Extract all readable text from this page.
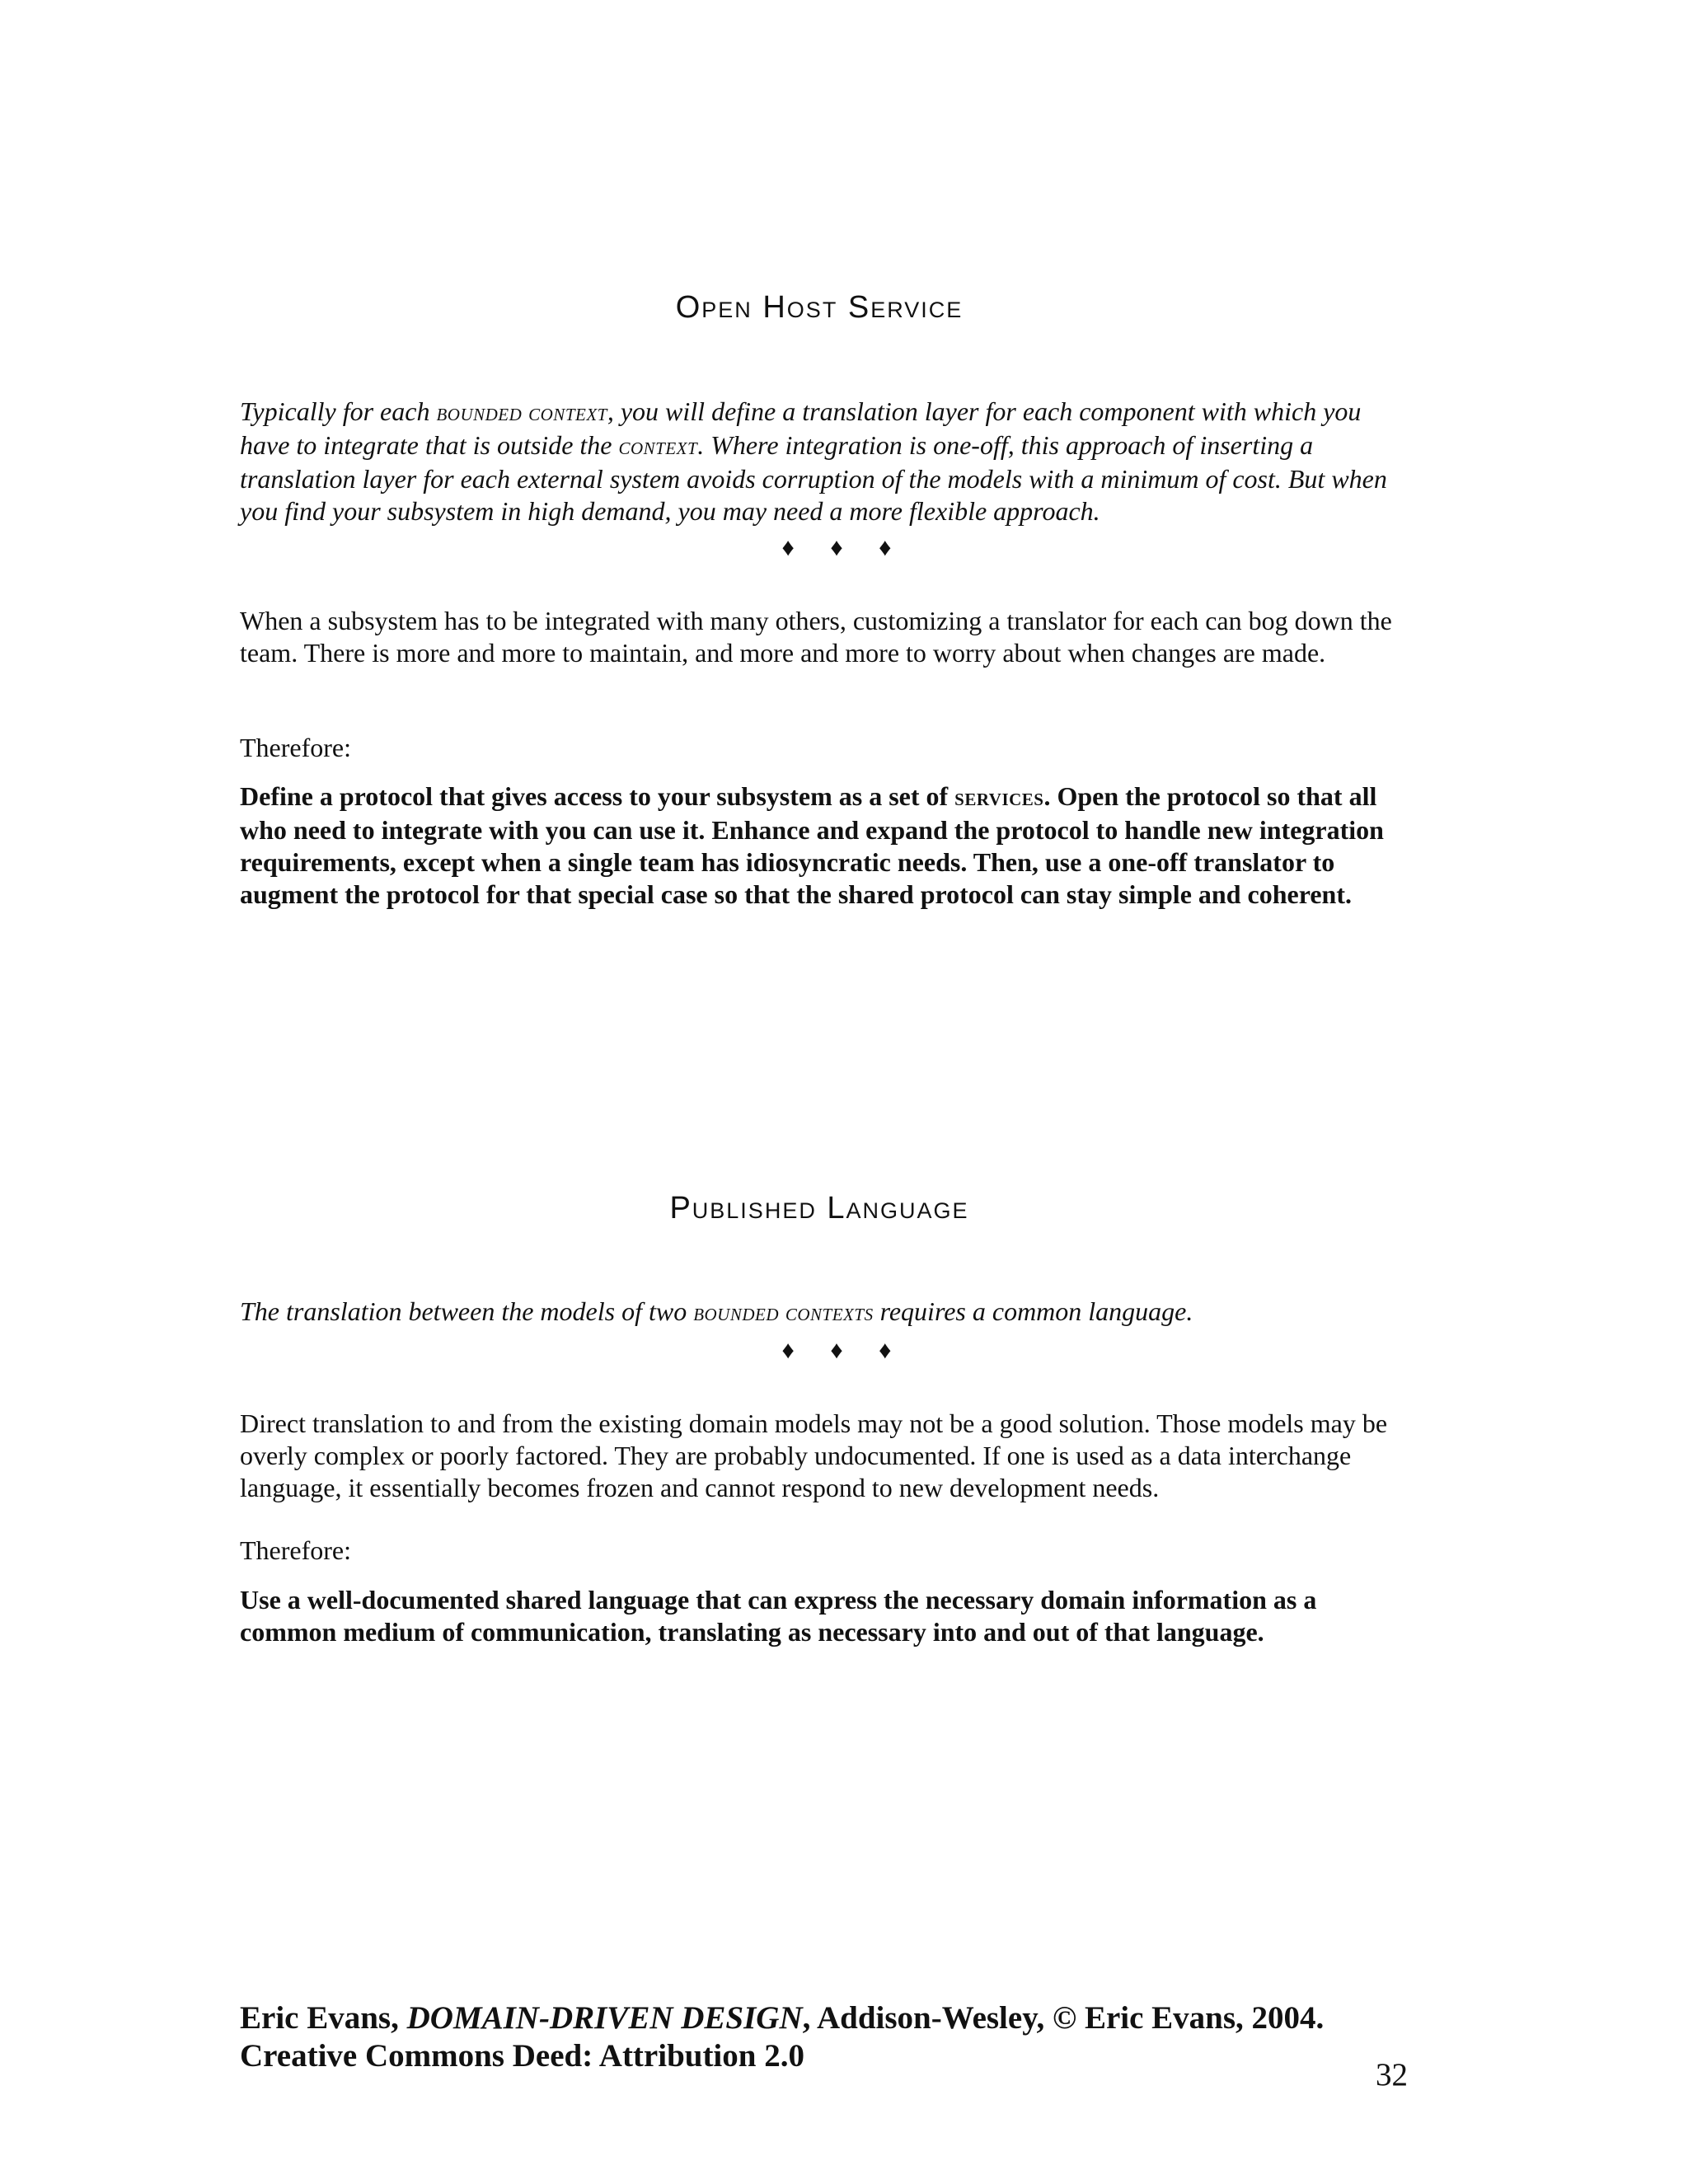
Open Host Service

Typically for each bounded context, you will define a translation layer for each component with which you have to integrate that is outside the context. Where integration is one-off, this approach of inserting a translation layer for each external system avoids corruption of the models with a minimum of cost. But when you find your subsystem in high demand, you may need a more flexible approach.

♦ ♦ ♦

When a subsystem has to be integrated with many others, customizing a translator for each can bog down the team. There is more and more to maintain, and more and more to worry about when changes are made.

Therefore:

Define a protocol that gives access to your subsystem as a set of services. Open the protocol so that all who need to integrate with you can use it. Enhance and expand the protocol to handle new integration requirements, except when a single team has idiosyncratic needs. Then, use a one-off translator to augment the protocol for that special case so that the shared protocol can stay simple and coherent.

Published Language

The translation between the models of two bounded contexts requires a common language.

♦ ♦ ♦

Direct translation to and from the existing domain models may not be a good solution. Those models may be overly complex or poorly factored. They are probably undocumented. If one is used as a data interchange language, it essentially becomes frozen and cannot respond to new development needs.

Therefore:

Use a well-documented shared language that can express the necessary domain information as a common medium of communication, translating as necessary into and out of that language.

Eric Evans, DOMAIN-DRIVEN DESIGN, Addison-Wesley, © Eric Evans, 2004.
Creative Commons Deed: Attribution 2.0
32
